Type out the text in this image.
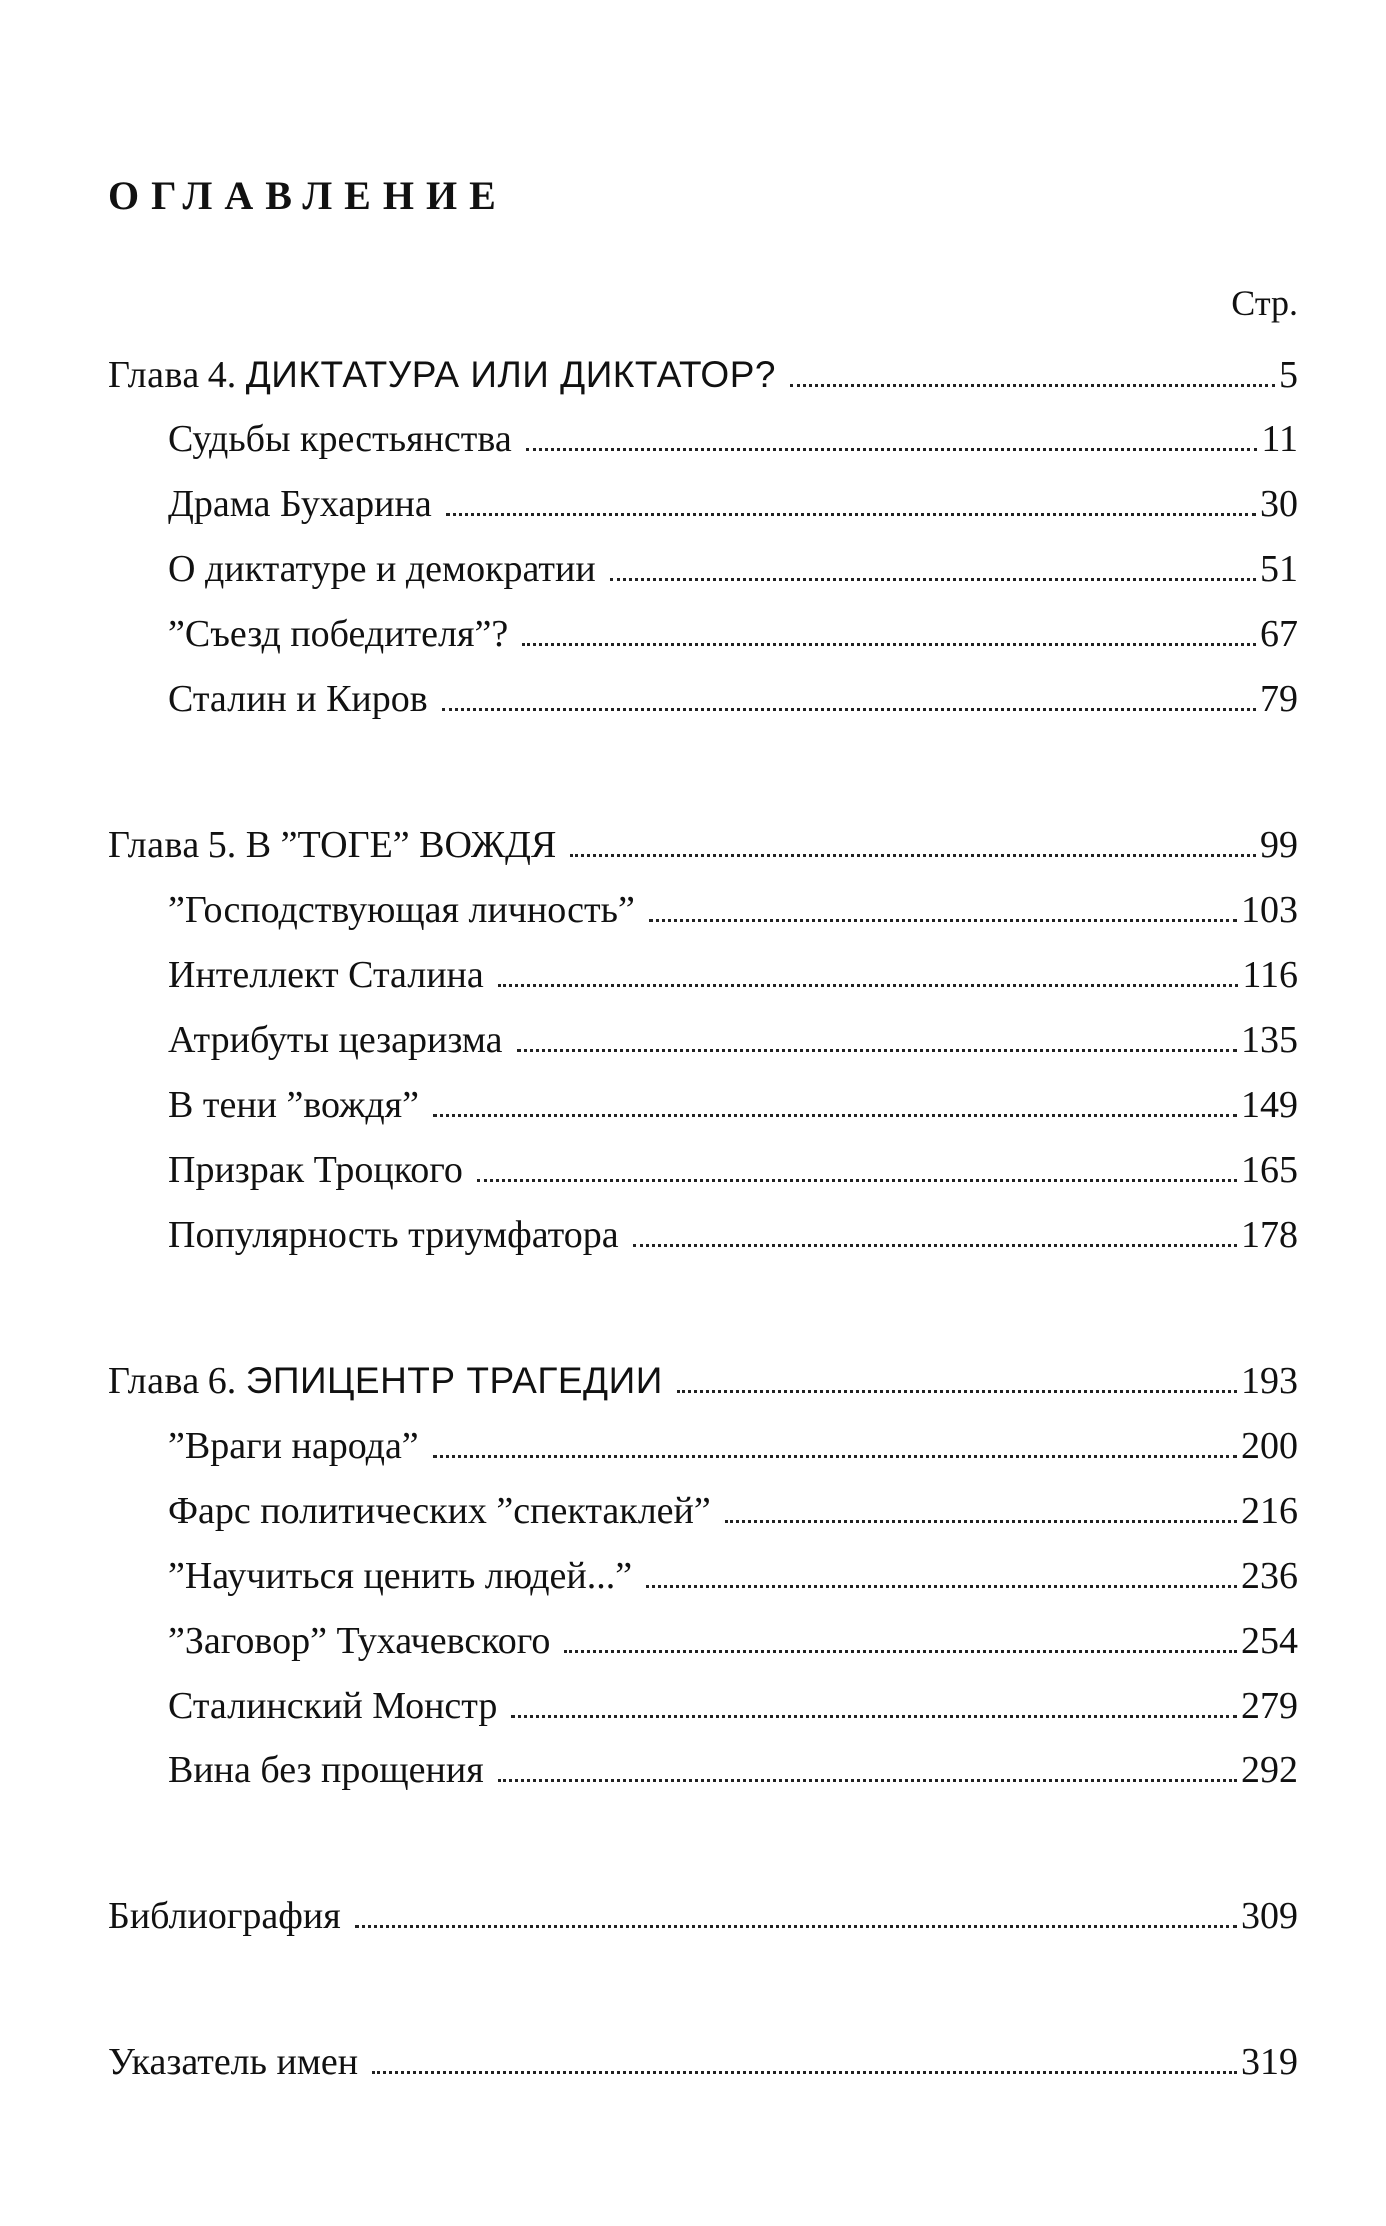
ОГЛАВЛЕНИЕ
Стр.
Глава 4. ДИКТАТУРА ИЛИ ДИКТАТОР?	5
Судьбы крестьянства	11
Драма Бухарина	30
О диктатуре и демократии	51
”Съезд победителя”?	67
Сталин и Киров	79
Глава 5. В ”ТОГЕ” ВОЖДЯ	99
”Господствующая личность”	103
Интеллект Сталина	116
Атрибуты цезаризма	135
В тени ”вождя”	149
Призрак Троцкого	165
Популярность триумфатора	178
Глава 6. ЭПИЦЕНТР ТРАГЕДИИ	193
”Враги народа”	200
Фарс политических ”спектаклей”	216
”Научиться ценить людей...”	236
”Заговор” Тухачевского	254
Сталинский Монстр	279
Вина без прощения	292
Библиография	309
Указатель имен	319
